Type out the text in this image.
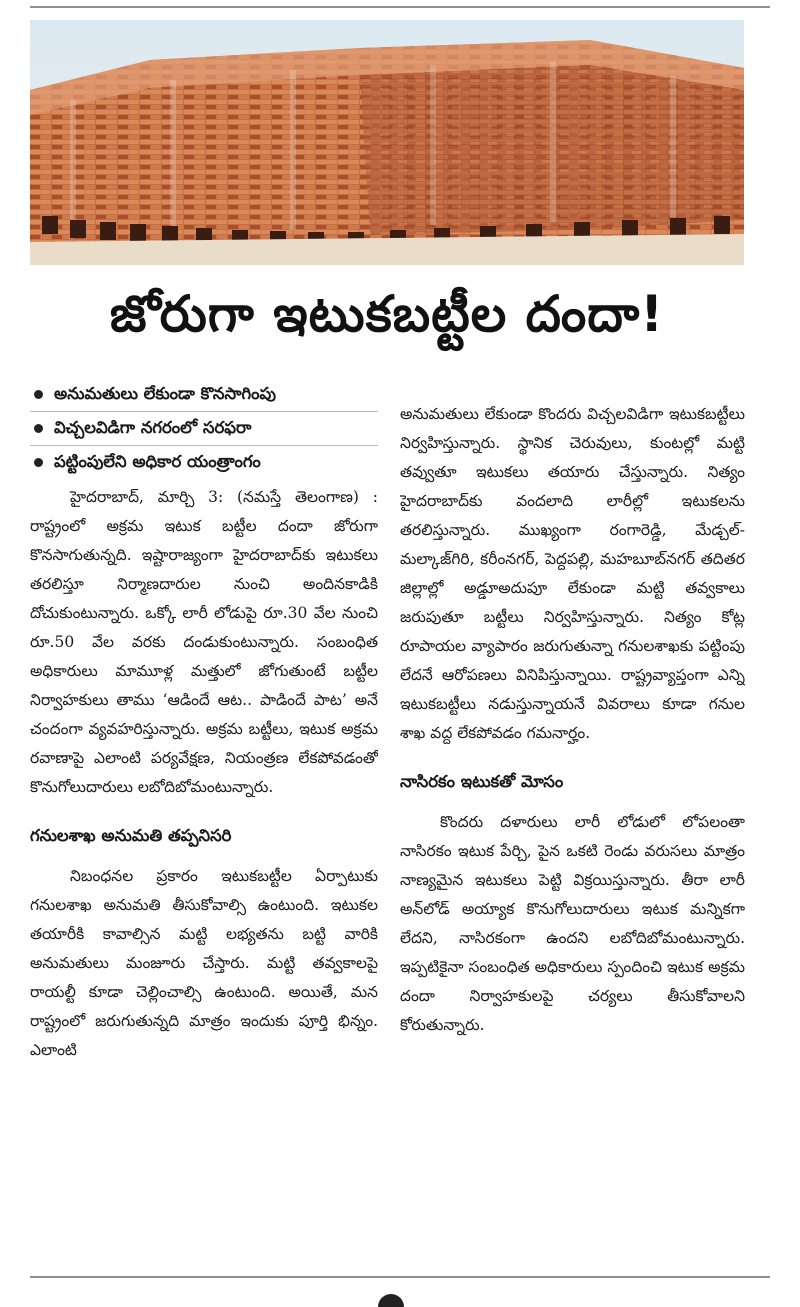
జోరుగా ఇటుకబట్టీల దందా!
అనుమతులు లేకుండా కొనసాగింపు
విచ్చలవిడిగా నగరంలో సరఫరా
పట్టింపులేని అధికార యంత్రాంగం

హైదరాబాద్‌, మార్చి 3: (నమస్తే తెలంగాణ) : రాష్ట్రంలో అక్రమ ఇటుక బట్టీల దందా జోరుగా కొనసాగుతున్నది. ఇష్టారాజ్యంగా హైదరాబాద్‌కు ఇటుకలు తరలిస్తూ నిర్మాణదారుల నుంచి అందినకాడికి దోచుకుంటున్నారు. ఒక్కో లారీ లోడుపై రూ.30 వేల నుంచి రూ.50 వేల వరకు దండుకుంటున్నారు. సంబంధిత అధికారులు మామూళ్ల మత్తులో జోగుతుంటే బట్టీల నిర్వాహకులు తాము ‘ఆడిందే ఆట.. పాడిందే పాట’ అనే చందంగా వ్యవహరిస్తున్నారు. అక్రమ బట్టీలు, ఇటుక అక్రమ రవాణాపై ఎలాంటి పర్యవేక్షణ, నియంత్రణ లేకపోవడంతో కొనుగోలుదారులు లబోదిబోమంటున్నారు.

గనులశాఖ అనుమతి తప్పనిసరి

నిబంధనల ప్రకారం ఇటుకబట్టీల ఏర్పాటుకు గనులశాఖ అనుమతి తీసుకోవాల్సి ఉంటుంది. ఇటుకల తయారీకి కావాల్సిన మట్టి లభ్యతను బట్టి వారికి అనుమతులు మంజూరు చేస్తారు. మట్టి తవ్వకాలపై రాయల్టీ కూడా చెల్లించాల్సి ఉంటుంది. అయితే, మన రాష్ట్రంలో జరుగుతున్నది మాత్రం ఇందుకు పూర్తి భిన్నం. ఎలాంటి

అనుమతులు లేకుండా కొందరు విచ్చలవిడిగా ఇటుకబట్టీలు నిర్వహిస్తున్నారు. స్థానిక చెరువులు, కుంటల్లో మట్టి తవ్వుతూ ఇటుకలు తయారు చేస్తున్నారు. నిత్యం హైదరాబాద్‌కు వందలాది లారీల్లో ఇటుకలను తరలిస్తున్నారు. ముఖ్యంగా రంగారెడ్డి, మేడ్చల్‌-మల్కాజ్‌గిరి, కరీంనగర్‌, పెద్దపల్లి, మహబూబ్‌నగర్‌ తదితర జిల్లాల్లో అడ్డూఅదుపూ లేకుండా మట్టి తవ్వకాలు జరుపుతూ బట్టీలు నిర్వహిస్తున్నారు. నిత్యం కోట్ల రూపాయల వ్యాపారం జరుగుతున్నా గనులశాఖకు పట్టింపు లేదనే ఆరోపణలు వినిపిస్తున్నాయి. రాష్ట్రవ్యాప్తంగా ఎన్ని ఇటుకబట్టీలు నడుస్తున్నాయనే వివరాలు కూడా గనుల శాఖ వద్ద లేకపోవడం గమనార్హం.

నాసిరకం ఇటుకతో మోసం

కొందరు దళారులు లారీ లోడులో లోపలంతా నాసిరకం ఇటుక పేర్చి, పైన ఒకటి రెండు వరుసలు మాత్రం నాణ్యమైన ఇటుకలు పెట్టి విక్రయిస్తున్నారు. తీరా లారీ అన్‌లోడ్‌ అయ్యాక కొనుగోలుదారులు ఇటుక మన్నికగా లేదని, నాసిరకంగా ఉందని లబోదిబోమంటున్నారు. ఇప్పటికైనా సంబంధిత అధికారులు స్పందించి ఇటుక అక్రమ దందా నిర్వాహకులపై చర్యలు తీసుకోవాలని కోరుతున్నారు.
